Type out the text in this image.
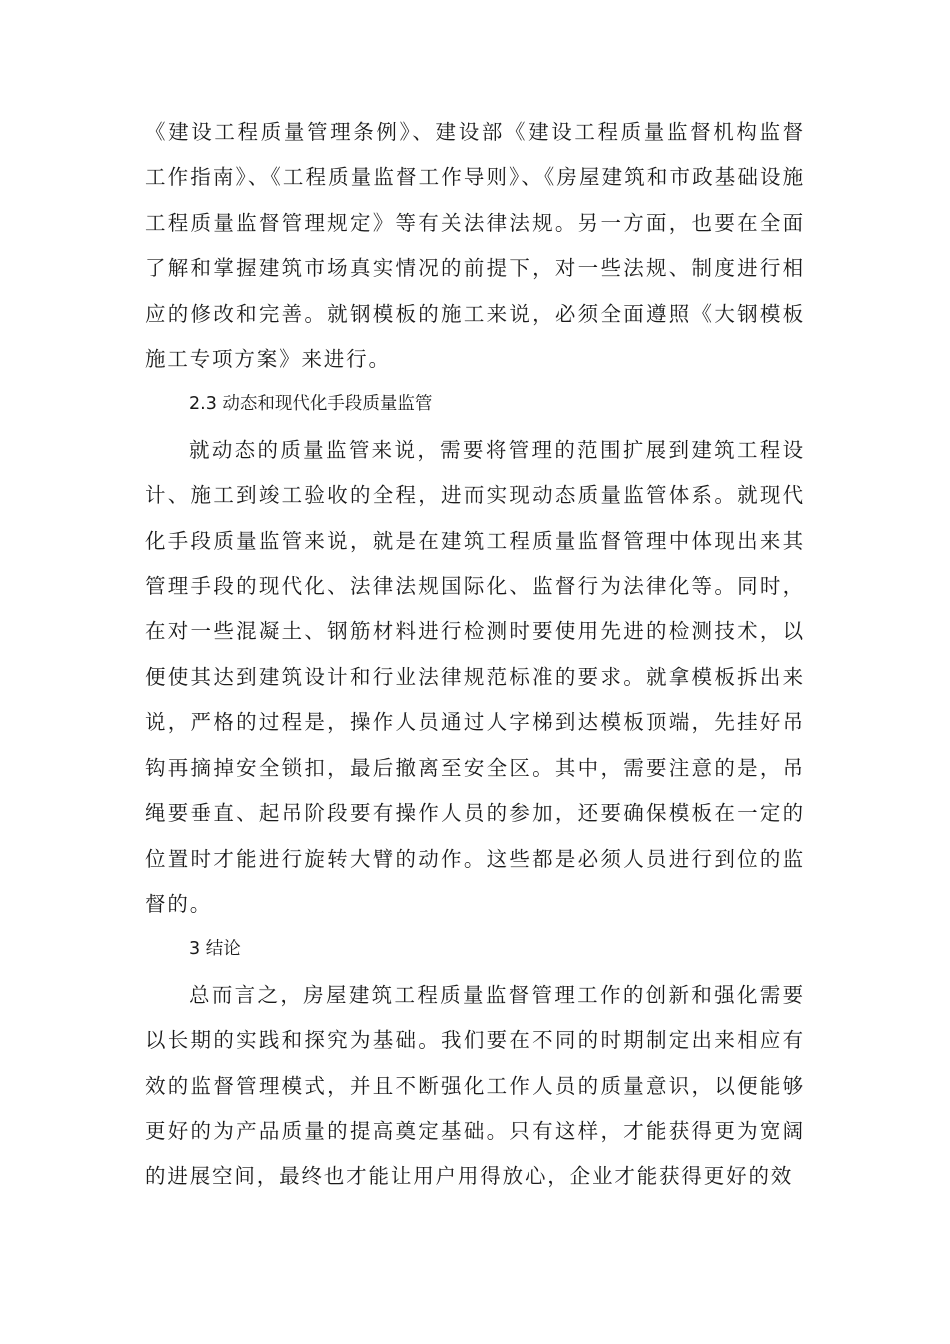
《建设工程质量管理条例》、建设部《建设工程质量监督机构监督工作指南》、《工程质量监督工作导则》、《房屋建筑和市政基础设施工程质量监督管理规定》等有关法律法规。另一方面，也要在全面了解和掌握建筑市场真实情况的前提下，对一些法规、制度进行相应的修改和完善。就钢模板的施工来说，必须全面遵照《大钢模板施工专项方案》来进行。

2.3 动态和现代化手段质量监管

就动态的质量监管来说，需要将管理的范围扩展到建筑工程设计、施工到竣工验收的全程，进而实现动态质量监管体系。就现代化手段质量监管来说，就是在建筑工程质量监督管理中体现出来其管理手段的现代化、法律法规国际化、监督行为法律化等。同时，在对一些混凝土、钢筋材料进行检测时要使用先进的检测技术，以便使其达到建筑设计和行业法律规范标准的要求。就拿模板拆出来说，严格的过程是，操作人员通过人字梯到达模板顶端，先挂好吊钩再摘掉安全锁扣，最后撤离至安全区。其中，需要注意的是，吊绳要垂直、起吊阶段要有操作人员的参加，还要确保模板在一定的位置时才能进行旋转大臂的动作。这些都是必须人员进行到位的监督的。

3 结论

总而言之，房屋建筑工程质量监督管理工作的创新和强化需要以长期的实践和探究为基础。我们要在不同的时期制定出来相应有效的监督管理模式，并且不断强化工作人员的质量意识，以便能够更好的为产品质量的提高奠定基础。只有这样，才能获得更为宽阔的进展空间，最终也才能让用户用得放心，企业才能获得更好的效
